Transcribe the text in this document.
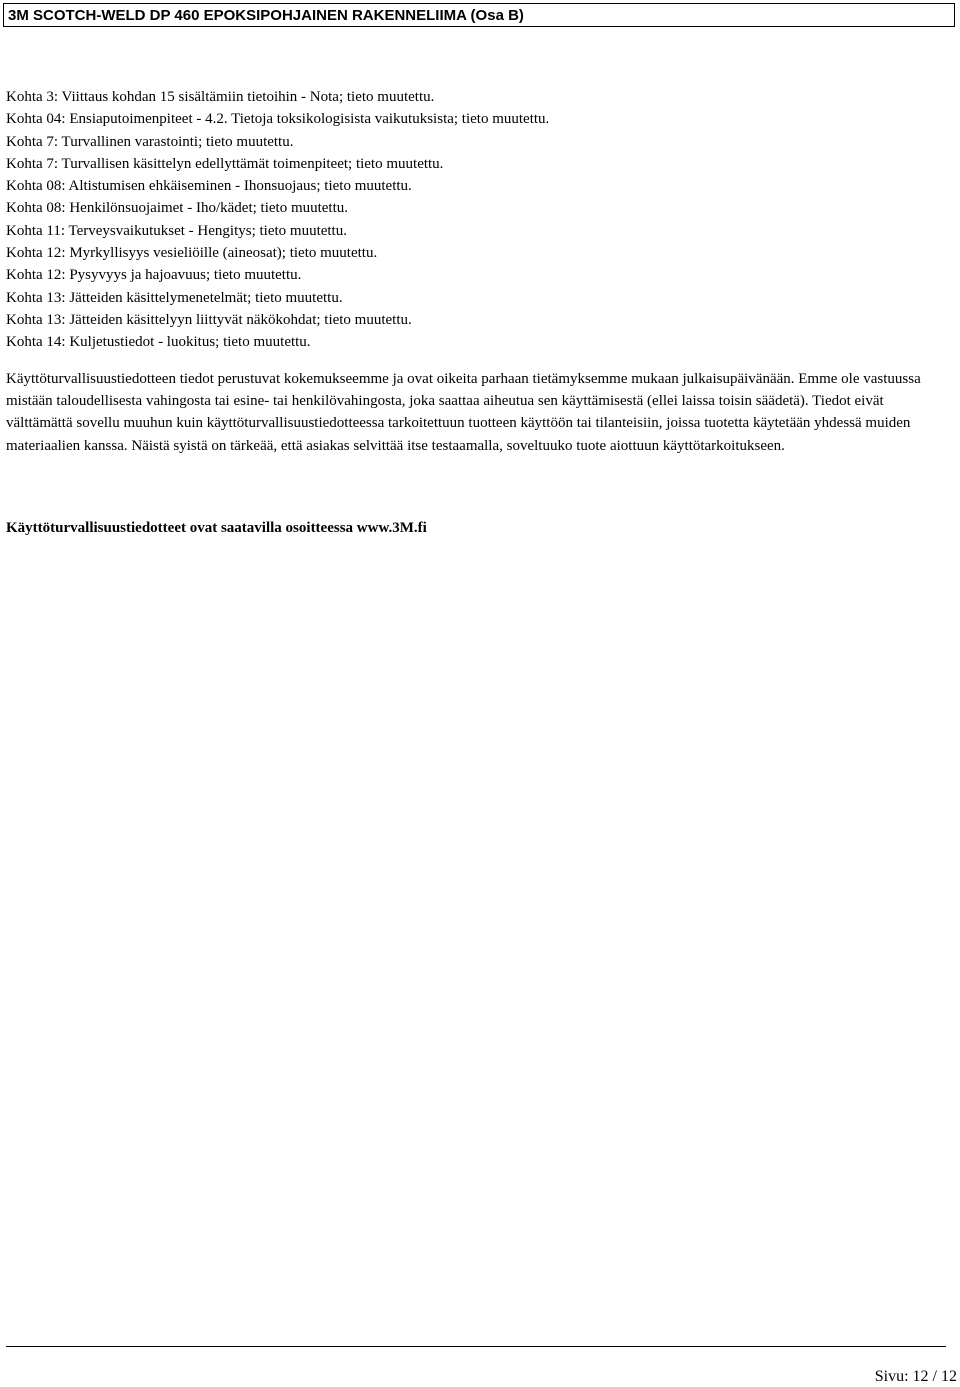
3M SCOTCH-WELD DP 460 EPOKSIPOHJAINEN RAKENNELIIMA (Osa B)
Kohta 3: Viittaus kohdan 15 sisältämiin tietoihin - Nota; tieto muutettu.
Kohta 04: Ensiaputoimenpiteet - 4.2. Tietoja toksikologisista vaikutuksista; tieto muutettu.
Kohta 7: Turvallinen varastointi; tieto muutettu.
Kohta 7: Turvallisen käsittelyn edellyttämät toimenpiteet; tieto muutettu.
Kohta 08: Altistumisen ehkäiseminen - Ihonsuojaus; tieto muutettu.
Kohta 08: Henkilönsuojaimet - Iho/kädet; tieto muutettu.
Kohta 11: Terveysvaikutukset - Hengitys; tieto muutettu.
Kohta 12: Myrkyllisyys vesieliöille (aineosat); tieto muutettu.
Kohta 12: Pysyvyys ja hajoavuus; tieto muutettu.
Kohta 13: Jätteiden käsittelymenetelmät; tieto muutettu.
Kohta 13: Jätteiden käsittelyyn liittyvät näkökohdat; tieto muutettu.
Kohta 14: Kuljetustiedot - luokitus; tieto muutettu.

Käyttöturvallisuustiedotteen tiedot perustuvat kokemukseemme ja ovat oikeita parhaan tietämyksemme mukaan julkaisupäivänään. Emme ole vastuussa mistään taloudellisesta vahingosta tai esine- tai henkilövahingosta, joka saattaa aiheutua sen käyttämisestä (ellei laissa toisin säädetä). Tiedot eivät välttämättä sovellu muuhun kuin käyttöturvallisuustiedotteessa tarkoitettuun tuotteen käyttöön tai tilanteisiin, joissa tuotetta käytetään yhdessä muiden materiaalien kanssa. Näistä syistä on tärkeää, että asiakas selvittää itse testaamalla, soveltuuko tuote aiottuun käyttötarkoitukseen.

Käyttöturvallisuustiedotteet ovat saatavilla osoitteessa www.3M.fi

Sivu: 12 / 12
